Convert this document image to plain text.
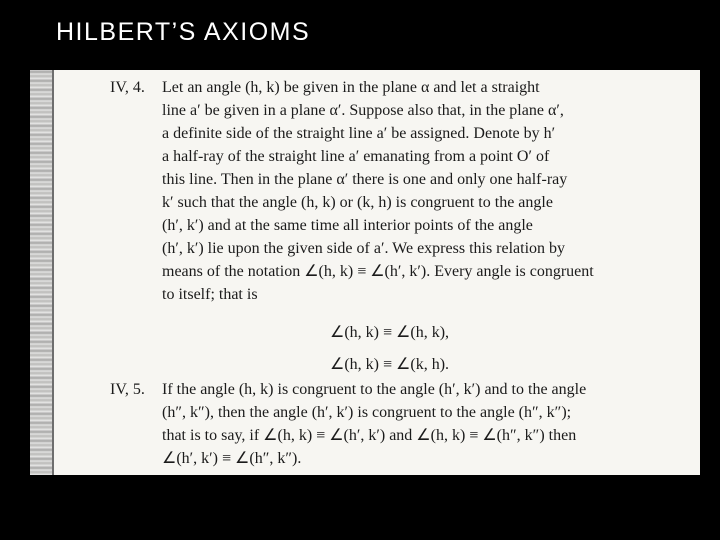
HILBERT’S AXIOMS
IV, 4. Let an angle (h, k) be given in the plane α and let a straight
line a′ be given in a plane α′. Suppose also that, in the plane α′,
a definite side of the straight line a′ be assigned. Denote by h′
a half-ray of the straight line a′ emanating from a point O′ of
this line. Then in the plane α′ there is one and only one half-ray
k′ such that the angle (h, k) or (k, h) is congruent to the angle
(h′, k′) and at the same time all interior points of the angle
(h′, k′) lie upon the given side of a′. We express this relation by
means of the notation ∠(h, k) ≡ ∠(h′, k′). Every angle is congruent
to itself; that is
∠(h, k) ≡ ∠(h, k),
∠(h, k) ≡ ∠(k, h).
IV, 5. If the angle (h, k) is congruent to the angle (h′, k′) and to the angle
(h″, k″), then the angle (h′, k′) is congruent to the angle (h″, k″);
that is to say, if ∠(h, k) ≡ ∠(h′, k′) and ∠(h, k) ≡ ∠(h″, k″) then
∠(h′, k′) ≡ ∠(h″, k″).
